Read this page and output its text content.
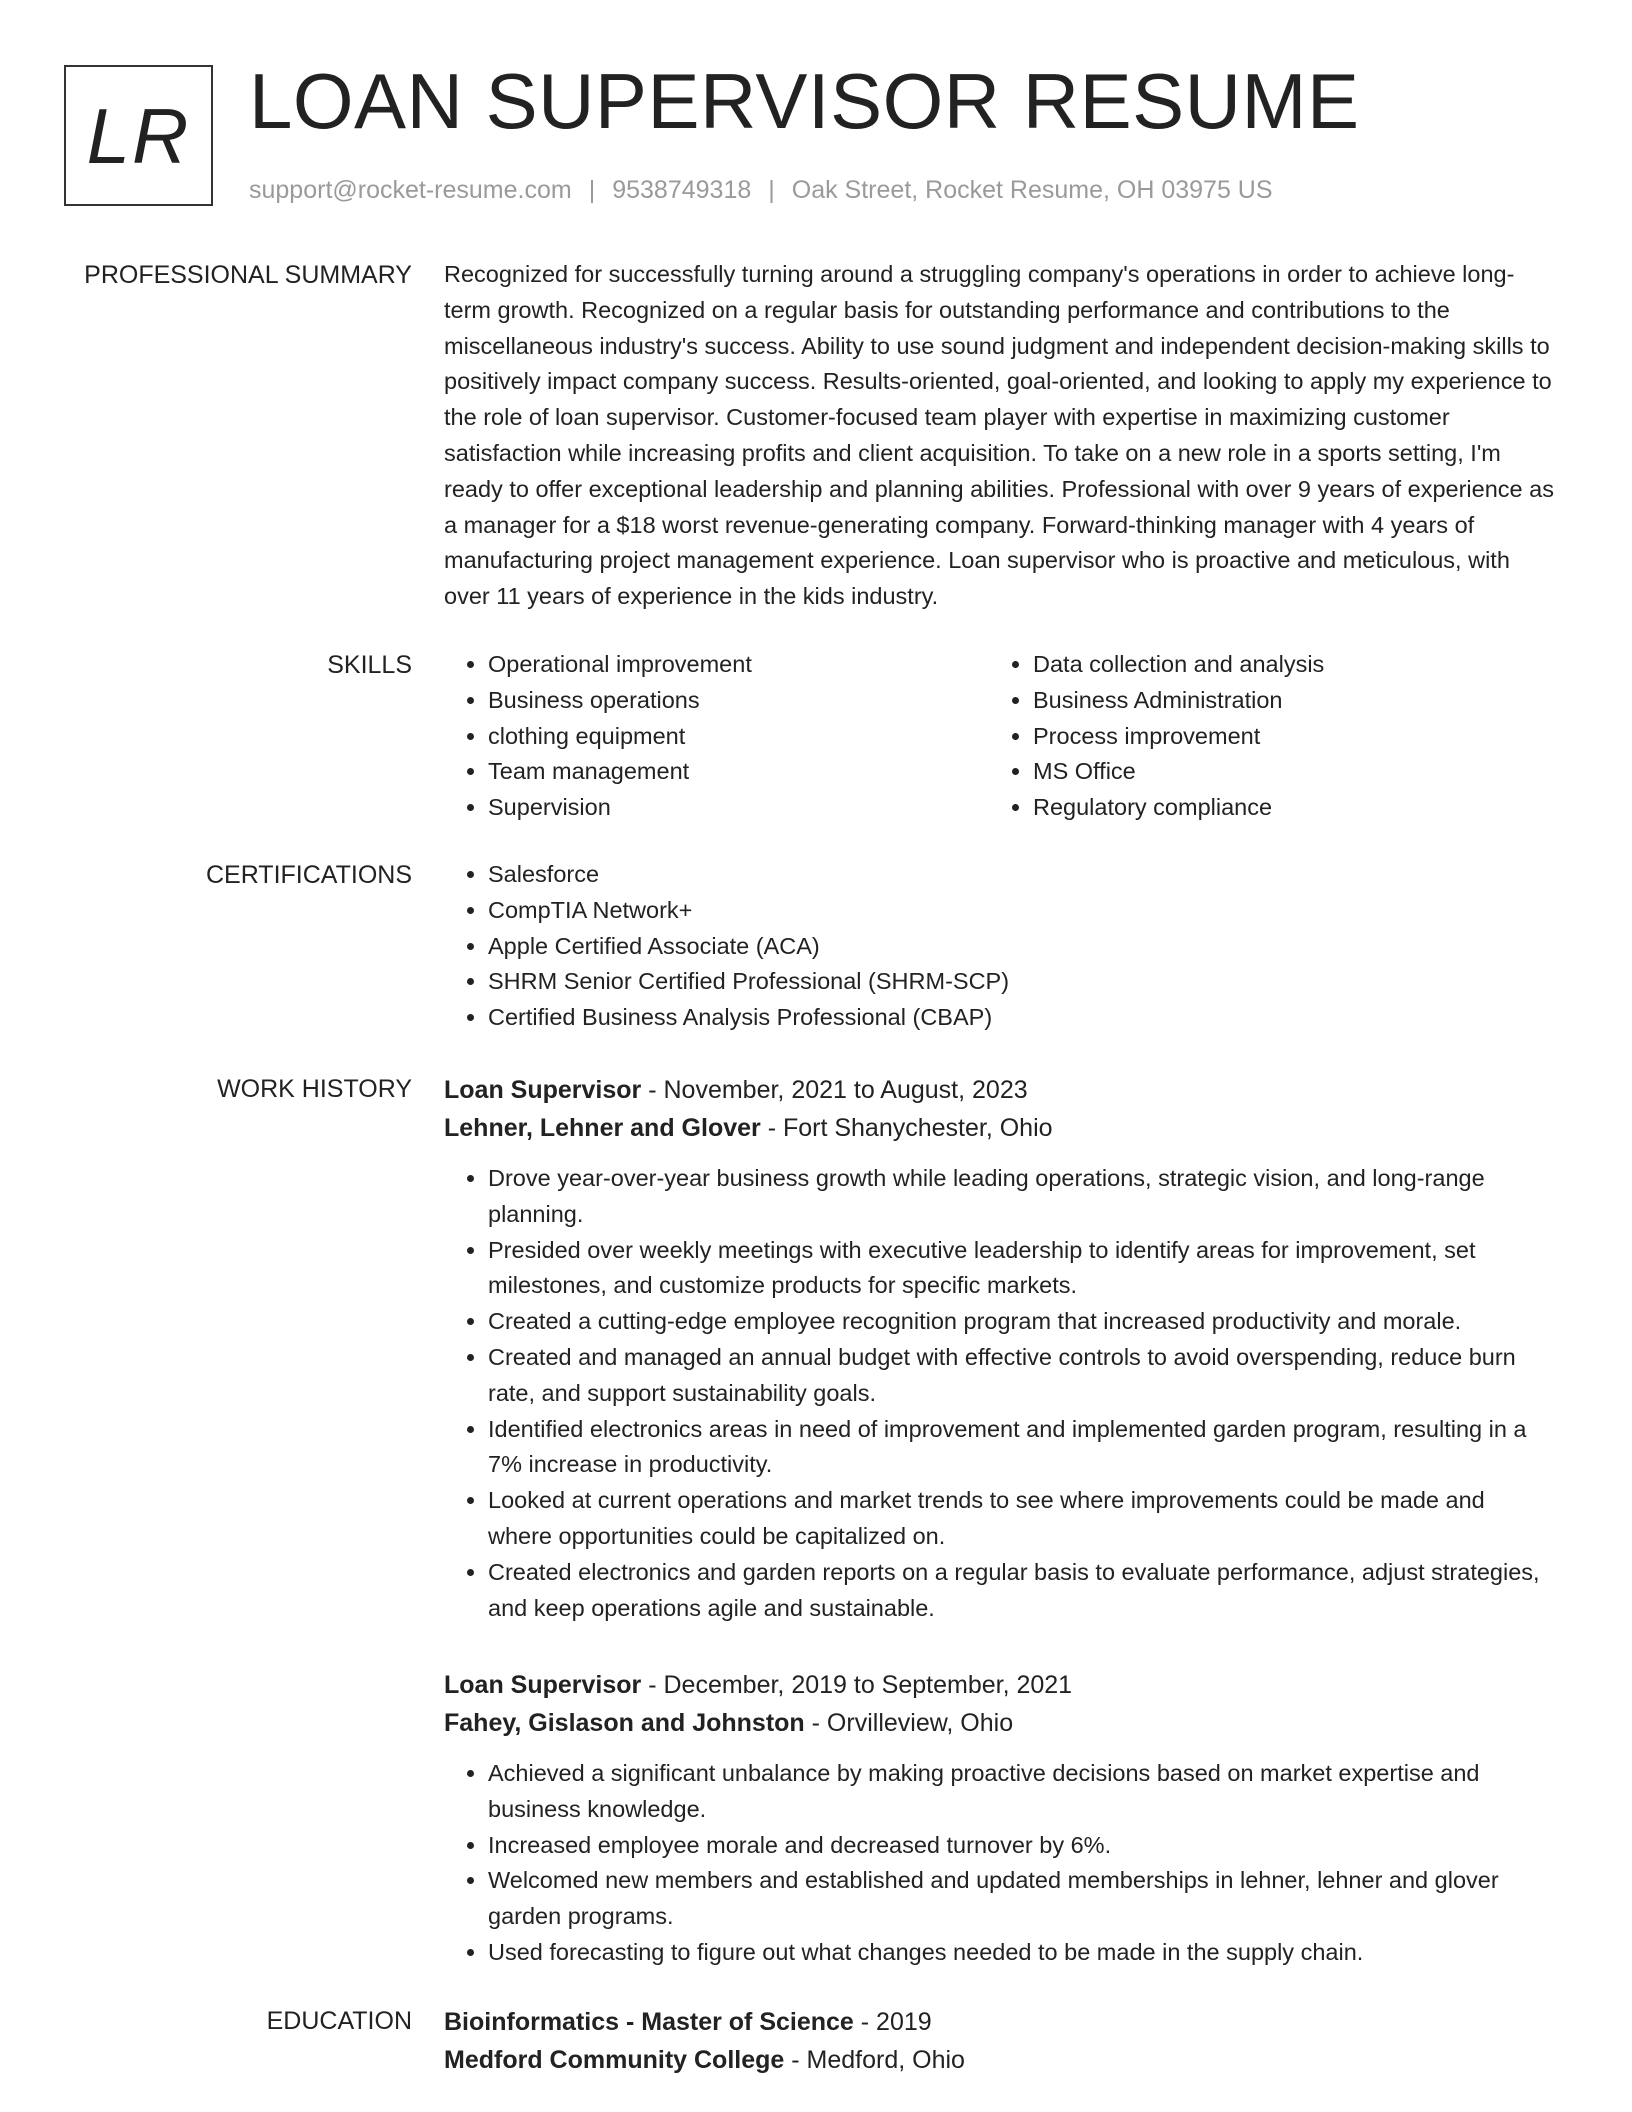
LR LOAN SUPERVISOR RESUME
support@rocket-resume.com | 9538749318 | Oak Street, Rocket Resume, OH 03975 US
PROFESSIONAL SUMMARY Recognized for successfully turning around a struggling company's operations in order to achieve long-term growth. Recognized on a regular basis for outstanding performance and contributions to the miscellaneous industry's success. Ability to use sound judgment and independent decision-making skills to positively impact company success. Results-oriented, goal-oriented, and looking to apply my experience to the role of loan supervisor. Customer-focused team player with expertise in maximizing customer satisfaction while increasing profits and client acquisition. To take on a new role in a sports setting, I'm ready to offer exceptional leadership and planning abilities. Professional with over 9 years of experience as a manager for a $18 worst revenue-generating company. Forward-thinking manager with 4 years of manufacturing project management experience. Loan supervisor who is proactive and meticulous, with over 11 years of experience in the kids industry.
SKILLS	• Operational improvement
• Business operations
• clothing equipment
• Team management
• Supervision
• Data collection and analysis
• Business Administration
• Process improvement
• MS Office
• Regulatory compliance
CERTIFICATIONS	• Salesforce
• CompTIA Network+
• Apple Certified Associate (ACA)
• SHRM Senior Certified Professional (SHRM-SCP)
• Certified Business Analysis Professional (CBAP)
WORK HISTORY Loan Supervisor - November, 2021 to August, 2023
Lehner, Lehner and Glover - Fort Shanychester, Ohio
• Drove year-over-year business growth while leading operations, strategic vision, and long-range planning.
• Presided over weekly meetings with executive leadership to identify areas for improvement, set milestones, and customize products for specific markets.
• Created a cutting-edge employee recognition program that increased productivity and morale.
• Created and managed an annual budget with effective controls to avoid overspending, reduce burn rate, and support sustainability goals.
• Identified electronics areas in need of improvement and implemented garden program, resulting in a 7% increase in productivity.
• Looked at current operations and market trends to see where improvements could be made and where opportunities could be capitalized on.
• Created electronics and garden reports on a regular basis to evaluate performance, adjust strategies, and keep operations agile and sustainable.
Loan Supervisor - December, 2019 to September, 2021
Fahey, Gislason and Johnston - Orvilleview, Ohio
• Achieved a significant unbalance by making proactive decisions based on market expertise and business knowledge.
• Increased employee morale and decreased turnover by 6%.
• Welcomed new members and established and updated memberships in lehner, lehner and glover garden programs.
• Used forecasting to figure out what changes needed to be made in the supply chain.
EDUCATION Bioinformatics - Master of Science - 2019
Medford Community College - Medford, Ohio
